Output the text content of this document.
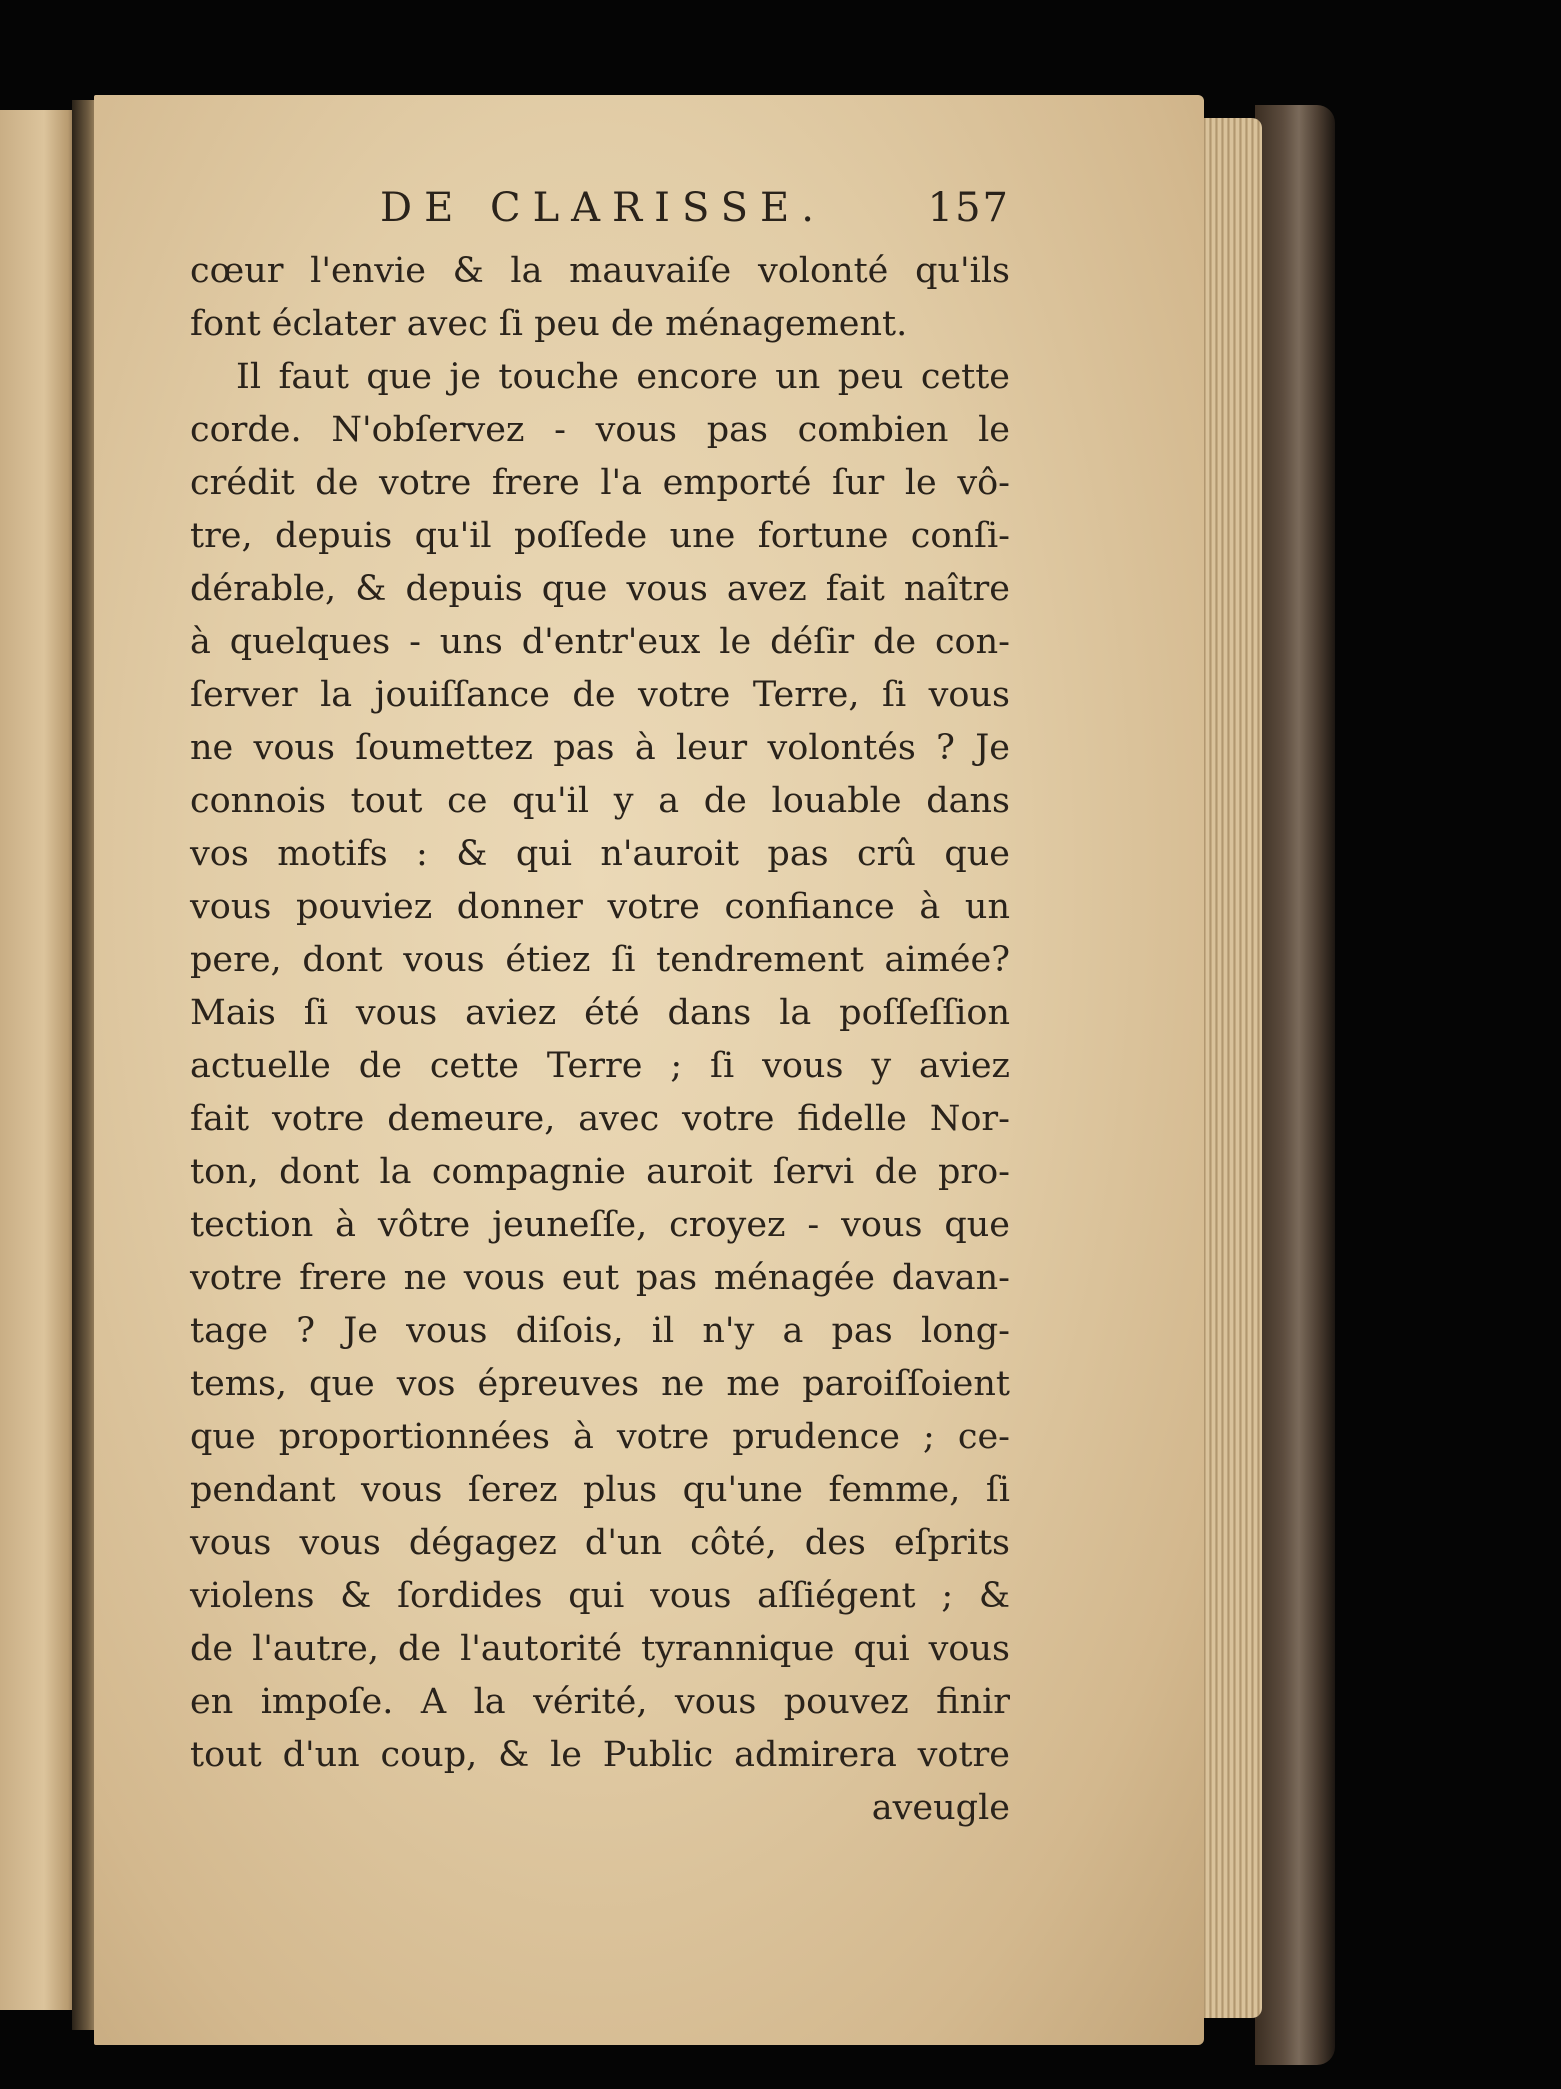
DE CLARISSE.	157
cœur l'envie & la mauvaiſe volonté qu'ils
font éclater avec ſi peu de ménagement.
Il faut que je touche encore un peu cette
corde. N'obſervez - vous pas combien le
crédit de votre frere l'a emporté ſur le vô-
tre, depuis qu'il poſſede une fortune conſi-
dérable, & depuis que vous avez fait naître
à quelques - uns d'entr'eux le déſir de con-
ſerver la jouiſſance de votre Terre, ſi vous
ne vous ſoumettez pas à leur volontés ? Je
connois tout ce qu'il y a de louable dans
vos motifs : & qui n'auroit pas crû que
vous pouviez donner votre confiance à un
pere, dont vous étiez ſi tendrement aimée?
Mais ſi vous aviez été dans la poſſeſſion
actuelle de cette Terre ; ſi vous y aviez
fait votre demeure, avec votre fidelle Nor-
ton, dont la compagnie auroit ſervi de pro-
tection à vôtre jeuneſſe, croyez - vous que
votre frere ne vous eut pas ménagée davan-
tage ? Je vous diſois, il n'y a pas long-
tems, que vos épreuves ne me paroiſſoient
que proportionnées à votre prudence ; ce-
pendant vous ſerez plus qu'une femme, ſi
vous vous dégagez d'un côté, des eſprits
violens & ſordides qui vous aſſiégent ; &
de l'autre, de l'autorité tyrannique qui vous
en impoſe. A la vérité, vous pouvez finir
tout d'un coup, & le Public admirera votre
aveugle
